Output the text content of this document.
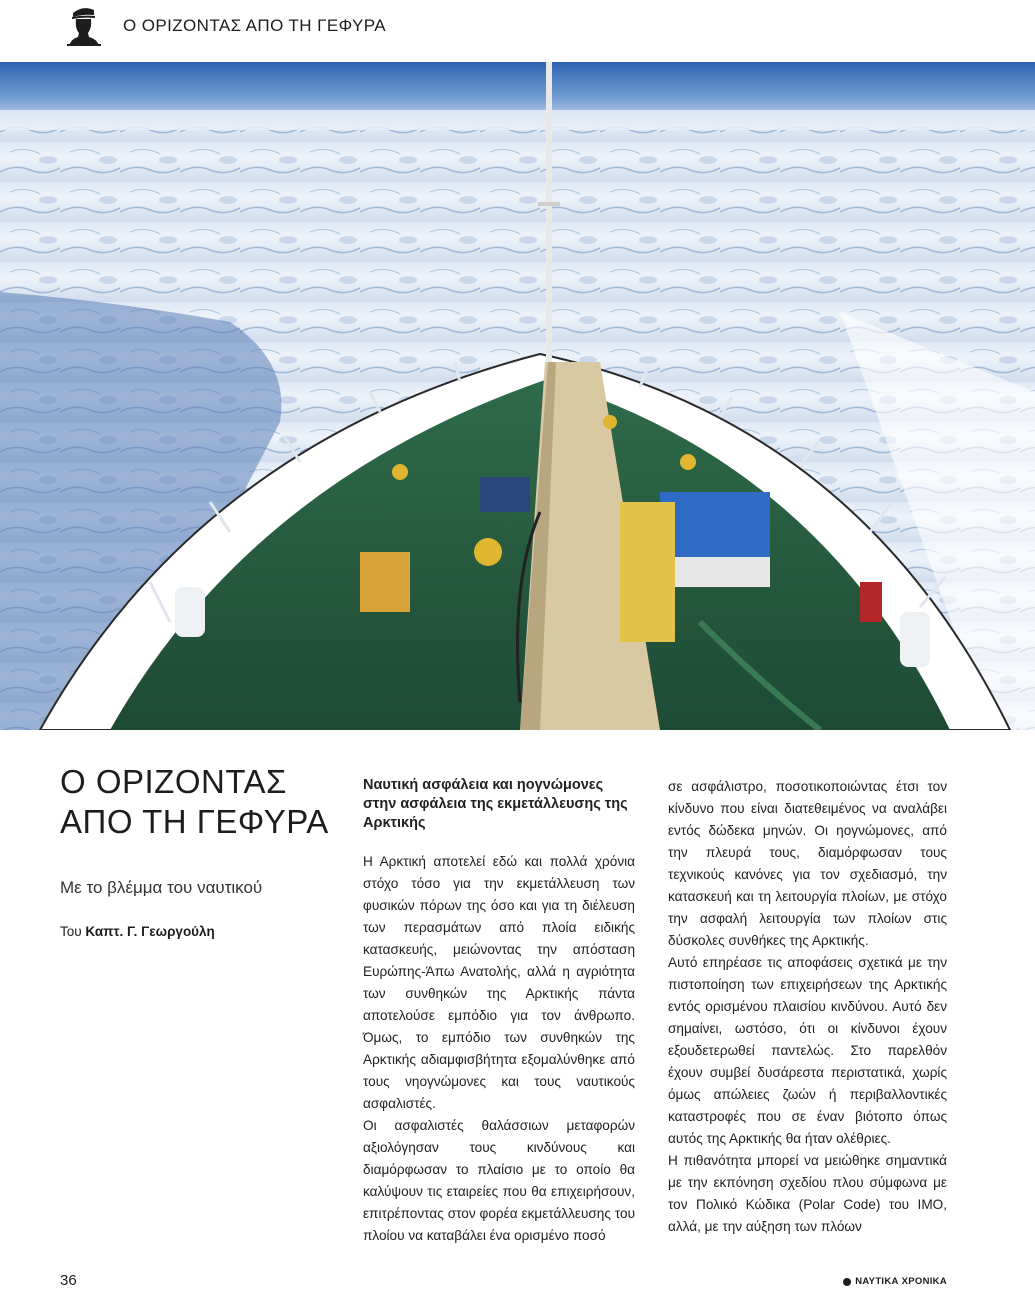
Ο ΟΡΙΖΟΝΤΑΣ ΑΠΟ ΤΗ ΓΕΦΥΡΑ
Ο ΟΡΙΖΟΝΤΑΣ ΑΠΟ ΤΗ ΓΕΦΥΡΑ
Με το βλέμμα του ναυτικού
Του Καπτ. Γ. Γεωργούλη

Ναυτική ασφάλεια και ηογνώμονες στην ασφάλεια της εκμετάλλευσης της Αρκτικής

Η Αρκτική αποτελεί εδώ και πολλά χρόνια στόχο τόσο για την εκμετάλλευση των φυσικών πόρων της όσο και για τη διέλευση των περασμάτων από πλοία ειδικής κατασκευής, μειώνοντας την απόσταση Ευρώπης-Άπω Ανατολής, αλλά η αγριότητα των συνθηκών της Αρκτικής πάντα αποτελούσε εμπόδιο για τον άνθρωπο. Όμως, το εμπόδιο των συνθηκών της Αρκτικής αδιαμφισβήτητα εξομαλύνθηκε από τους νηογνώμονες και τους ναυτικούς ασφαλιστές.

Οι ασφαλιστές θαλάσσιων μεταφορών αξιολόγησαν τους κινδύνους και διαμόρφωσαν το πλαίσιο με το οποίο θα καλύψουν τις εταιρείες που θα επιχειρήσουν, επιτρέποντας στον φορέα εκμετάλλευσης του πλοίου να καταβάλει ένα ορισμένο ποσό

σε ασφάλιστρο, ποσοτικοποιώντας έτσι τον κίνδυνο που είναι διατεθειμένος να αναλάβει εντός δώδεκα μηνών. Οι ηογνώμονες, από την πλευρά τους, διαμόρφωσαν τους τεχνικούς κανόνες για τον σχεδιασμό, την κατασκευή και τη λειτουργία πλοίων, με στόχο την ασφαλή λειτουργία των πλοίων στις δύσκολες συνθήκες της Αρκτικής.

Αυτό επηρέασε τις αποφάσεις σχετικά με την πιστοποίηση των επιχειρήσεων της Αρκτικής εντός ορισμένου πλαισίου κινδύνου. Αυτό δεν σημαίνει, ωστόσο, ότι οι κίνδυνοι έχουν εξουδετερωθεί παντελώς. Στο παρελθόν έχουν συμβεί δυσάρεστα περιστατικά, χωρίς όμως απώλειες ζωών ή περιβαλλοντικές καταστροφές που σε έναν βιότοπο όπως αυτός της Αρκτικής θα ήταν ολέθριες.

Η πιθανότητα μπορεί να μειώθηκε σημαντικά με την εκπόνηση σχεδίου πλου σύμφωνα με τον Πολικό Κώδικα (Polar Code) του ΙΜΟ, αλλά, με την αύξηση των πλόων

36	ΝΑΥΤΙΚΑ ΧΡΟΝΙΚΑ
